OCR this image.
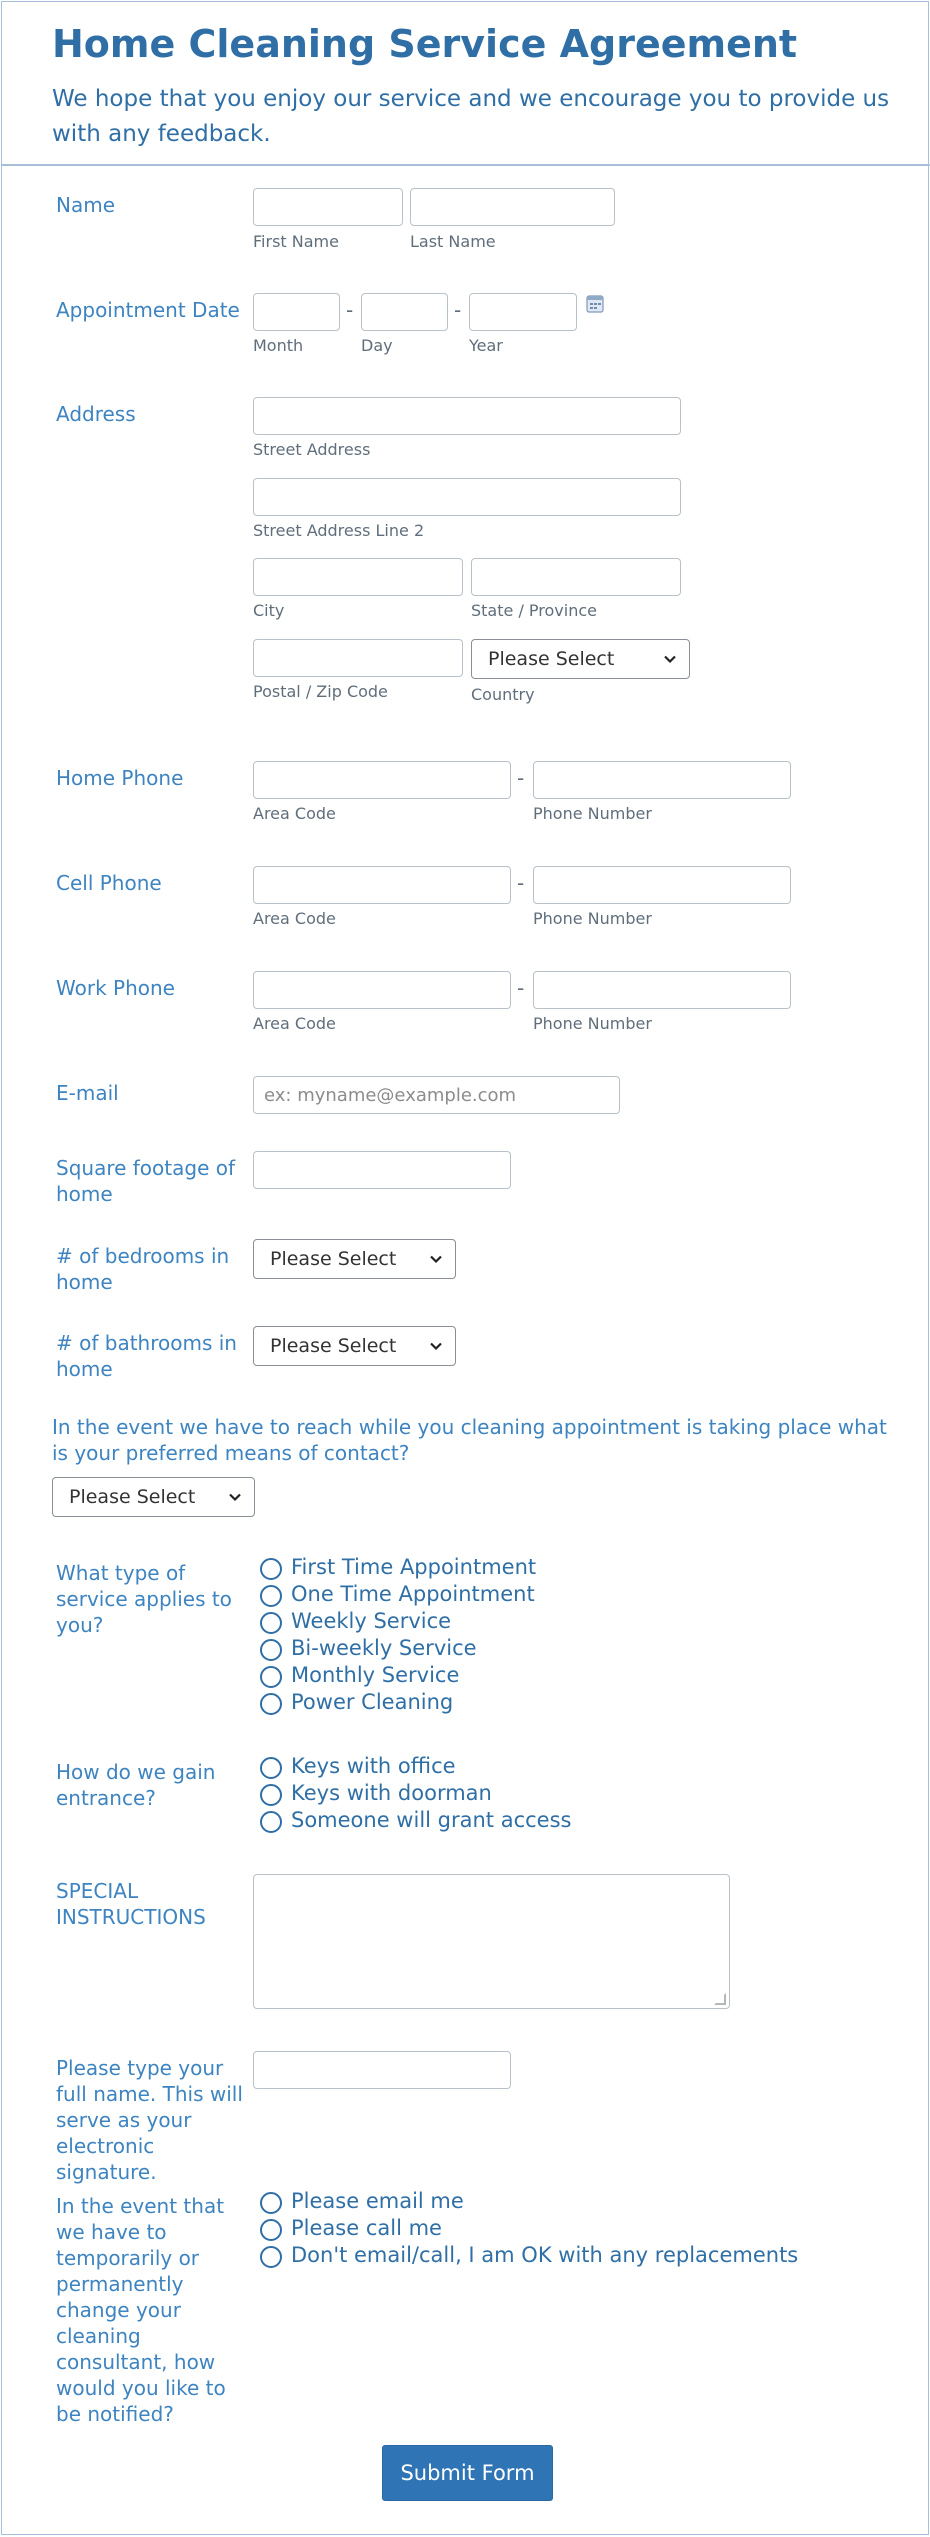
Home Cleaning Service Agreement
We hope that you enjoy our service and we encourage you to provide us with any feedback.
Name
First Name	Last Name
Appointment Date	-	-
Month	Day	Year
Address
Street Address
Street Address Line 2
City	State / Province
Please Select
Postal / Zip Code	Country
Home Phone	-
Area Code	Phone Number
Cell Phone	-
Area Code	Phone Number
Work Phone	-
Area Code	Phone Number
E-mail
ex: myname@example.com
Square footage of home
# of bedrooms in home
Please Select
# of bathrooms in home
Please Select
In the event we have to reach while you cleaning appointment is taking place what is your preferred means of contact?
Please Select
What type of service applies to you?
First Time Appointment
One Time Appointment
Weekly Service
Bi-weekly Service
Monthly Service
Power Cleaning
How do we gain entrance?
Keys with office
Keys with doorman
Someone will grant access
SPECIAL INSTRUCTIONS
Please type your full name. This will serve as your electronic signature.
In the event that we have to temporarily or permanently change your cleaning consultant, how would you like to be notified?
Please email me
Please call me
Don't email/call, I am OK with any replacements
Submit Form
